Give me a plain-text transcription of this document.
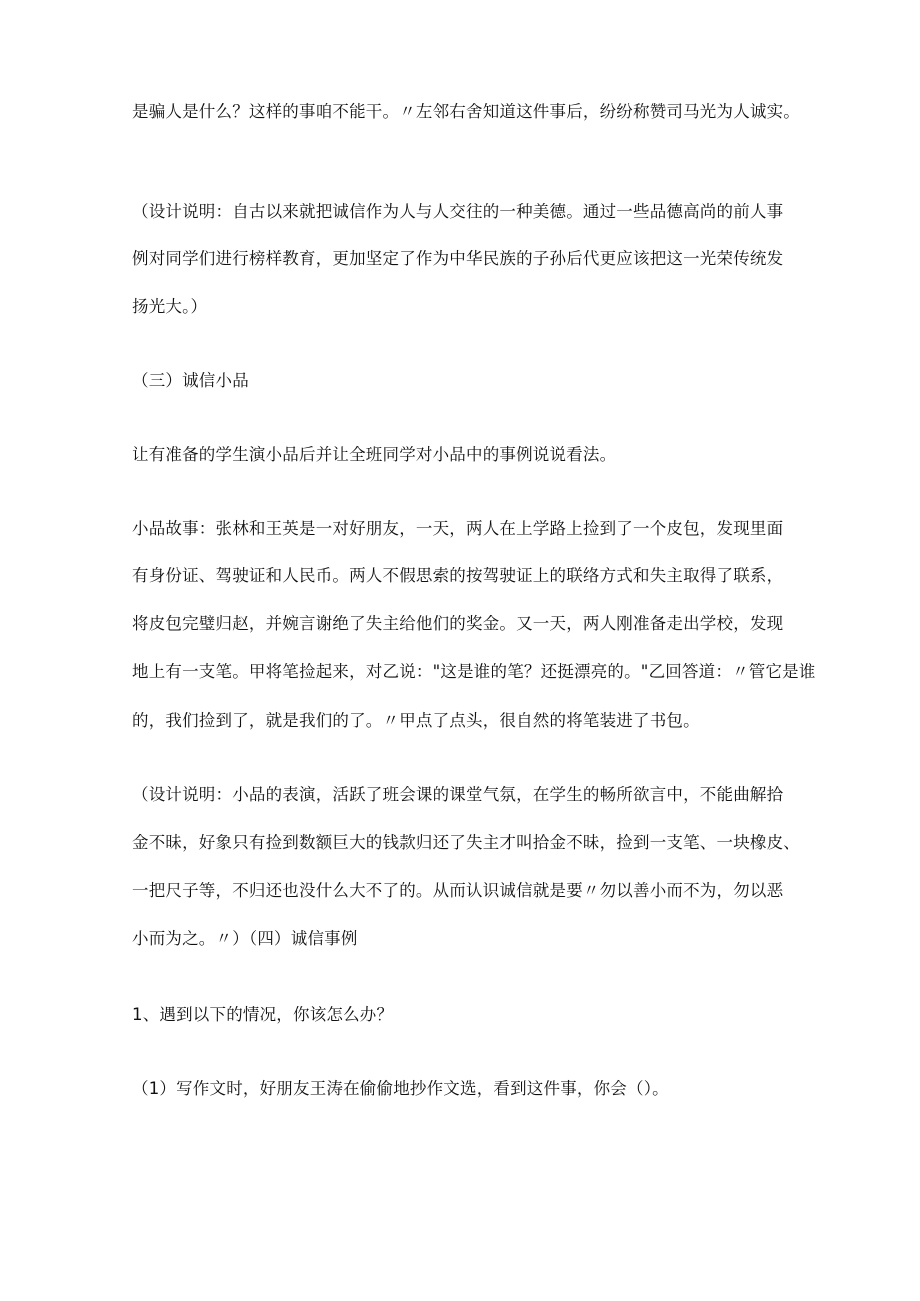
是骗人是什么？这样的事咱不能干。〃左邻右舍知道这件事后，纷纷称赞司马光为人诚实。
（设计说明：自古以来就把诚信作为人与人交往的一种美德。通过一些品德高尚的前人事
例对同学们进行榜样教育，更加坚定了作为中华民族的子孙后代更应该把这一光荣传统发
扬光大。）
（三）诚信小品
让有准备的学生演小品后并让全班同学对小品中的事例说说看法。
小品故事：张林和王英是一对好朋友，一天，两人在上学路上捡到了一个皮包，发现里面
有身份证、驾驶证和人民币。两人不假思索的按驾驶证上的联络方式和失主取得了联系，
将皮包完璧归赵，并婉言谢绝了失主给他们的奖金。又一天，两人刚准备走出学校，发现
地上有一支笔。甲将笔捡起来，对乙说："这是谁的笔？还挺漂亮的。"乙回答道：〃管它是谁
的，我们捡到了，就是我们的了。〃甲点了点头，很自然的将笔装进了书包。
（设计说明：小品的表演，活跃了班会课的课堂气氛，在学生的畅所欲言中，不能曲解拾
金不昧，好象只有捡到数额巨大的钱款归还了失主才叫拾金不昧，捡到一支笔、一块橡皮、
一把尺子等，不归还也没什么大不了的。从而认识诚信就是要〃勿以善小而不为，勿以恶
小而为之。〃）（四）诚信事例
1、遇到以下的情况，你该怎么办？
（1）写作文时，好朋友王涛在偷偷地抄作文选，看到这件事，你会（）。
